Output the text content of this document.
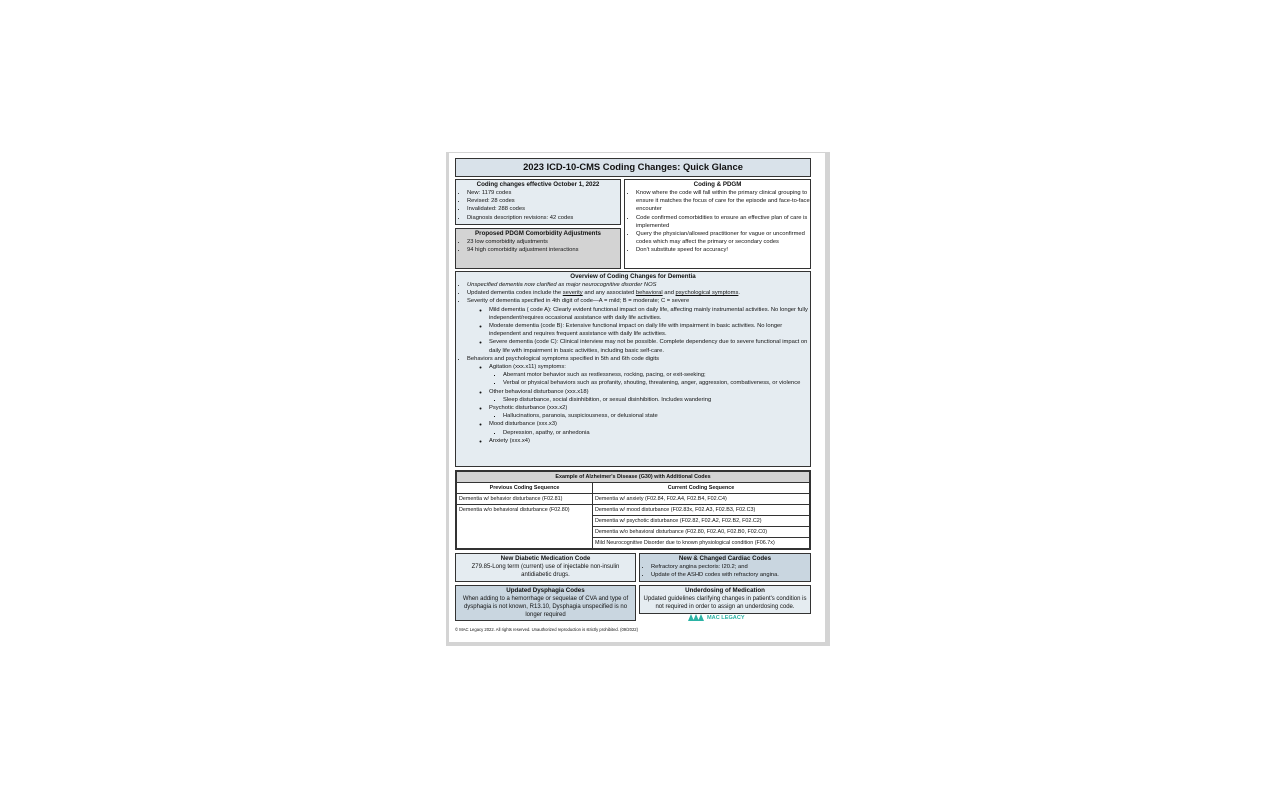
2023 ICD-10-CMS Coding Changes: Quick Glance
Coding changes effective October 1, 2022
• New: 1179 codes
• Revised: 28 codes
• Invalidated: 288 codes
• Diagnosis description revisions: 42 codes
Proposed PDGM Comorbidity Adjustments
• 23 low comorbidity adjustments
• 94 high comorbidity adjustment interactions
Coding & PDGM
• Know where the code will fall within the primary clinical grouping to ensure it matches the focus of care for the episode and face-to-face encounter
• Code confirmed comorbidities to ensure an effective plan of care is implemented
• Query the physician/allowed practitioner for vague or unconfirmed codes which may affect the primary or secondary codes
• Don't substitute speed for accuracy!
Overview of Coding Changes for Dementia
• Unspecified dementia now clarified as major neurocognitive disorder NOS
• Updated dementia codes include the severity and any associated behavioral and psychological symptoms.
• Severity of dementia specified in 4th digit of code—A = mild; B = moderate; C = severe
◦ Mild dementia ( code A): Clearly evident functional impact on daily life, affecting mainly instrumental activities. No longer fully independent/requires occasional assistance with daily life activities.
◦ Moderate dementia (code B): Extensive functional impact on daily life with impairment in basic activities. No longer independent and requires frequent assistance with daily life activities.
◦ Severe dementia (code C): Clinical interview may not be possible. Complete dependency due to severe functional impact on daily life with impairment in basic activities, including basic self-care.
• Behaviors and psychological symptoms specified in 5th and 6th code digits
◦ Agitation (xxx.x11) symptoms:
▪ Aberrant motor behavior such as restlessness, rocking, pacing, or exit-seeking;
▪ Verbal or physical behaviors such as profanity, shouting, threatening, anger, aggression, combativeness, or violence
◦ Other behavioral disturbance (xxx.x18)
▪ Sleep disturbance, social disinhibition, or sexual disinhibition. Includes wandering
◦ Psychotic disturbance (xxx.x2)
▪ Hallucinations, paranoia, suspiciousness, or delusional state
◦ Mood disturbance (xxx.x3)
▪ Depression, apathy, or anhedonia
◦ Anxiety (xxx.x4)
Example of Alzheimer's Disease (G30) with Additional Codes	
Previous Coding Sequence	Current Coding Sequence
Dementia w/ behavior disturbance (F02.81)	Dementia w/ anxiety (F02.84, F02.A4, F02.B4, F02.C4)
Dementia w/o behavioral disturbance (F02.80)	Dementia w/ mood disturbance (F02.83x, F02.A3, F02.B3, F02.C3)
	Dementia w/ psychotic disturbance (F02.82, F02.A2, F02.B2, F02.C2)
	Dementia w/o behavioral disturbance (F02.80, F02.A0, F02.B0, F02.C0)
	Mild Neurocognitive Disorder due to known physiological condition (F06.7x)
New Diabetic Medication Code
Z79.85-Long term (current) use of injectable non-insulin antidiabetic drugs.
Updated Dysphagia Codes
When adding to a hemorrhage or sequelae of CVA and type of dysphagia is not known, R13.10, Dysphagia unspecified is no longer required
New & Changed Cardiac Codes
• Refractory angina pectoris: I20.2; and
• Update of the ASHD codes with refractory angina.
Underdosing of Medication
Updated guidelines clarifying changes in patient's condition is not required in order to assign an underdosing code.
© MAC Legacy 2022. All rights reserved. Unauthorized reproduction is strictly prohibited. (09/2022)
MAC LEGACY
